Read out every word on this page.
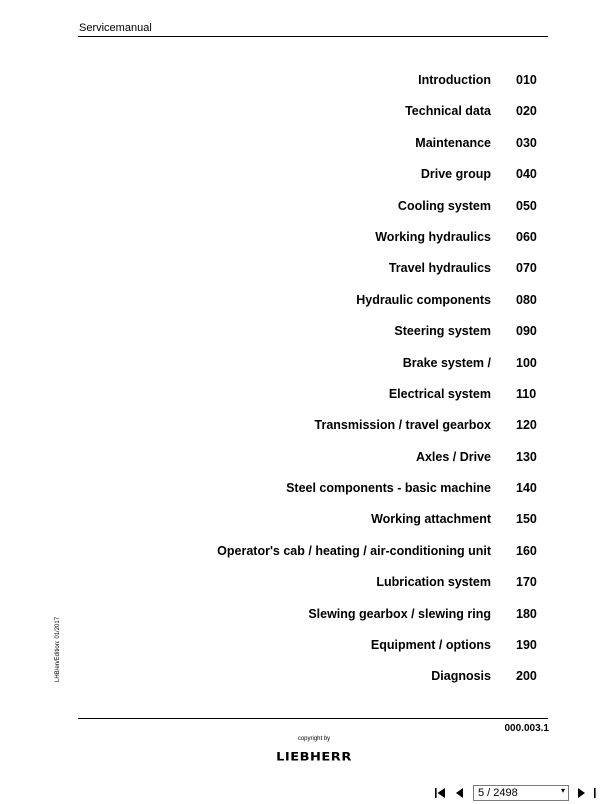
Servicemanual
Introduction 010
Technical data 020
Maintenance 030
Drive group 040
Cooling system 050
Working hydraulics 060
Travel hydraulics 070
Hydraulic components 080
Steering system 090
Brake system / 100
Electrical system 110
Transmission / travel gearbox 120
Axles / Drive 130
Steel components - basic machine 140
Working attachment 150
Operator's cab / heating / air-conditioning unit 160
Lubrication system 170
Slewing gearbox / slewing ring 180
Equipment / options 190
Diagnosis 200
LHB/en/Edition: 01/2017
000.003.1
copyright by
LIEBHERR
5 / 2498	▾
